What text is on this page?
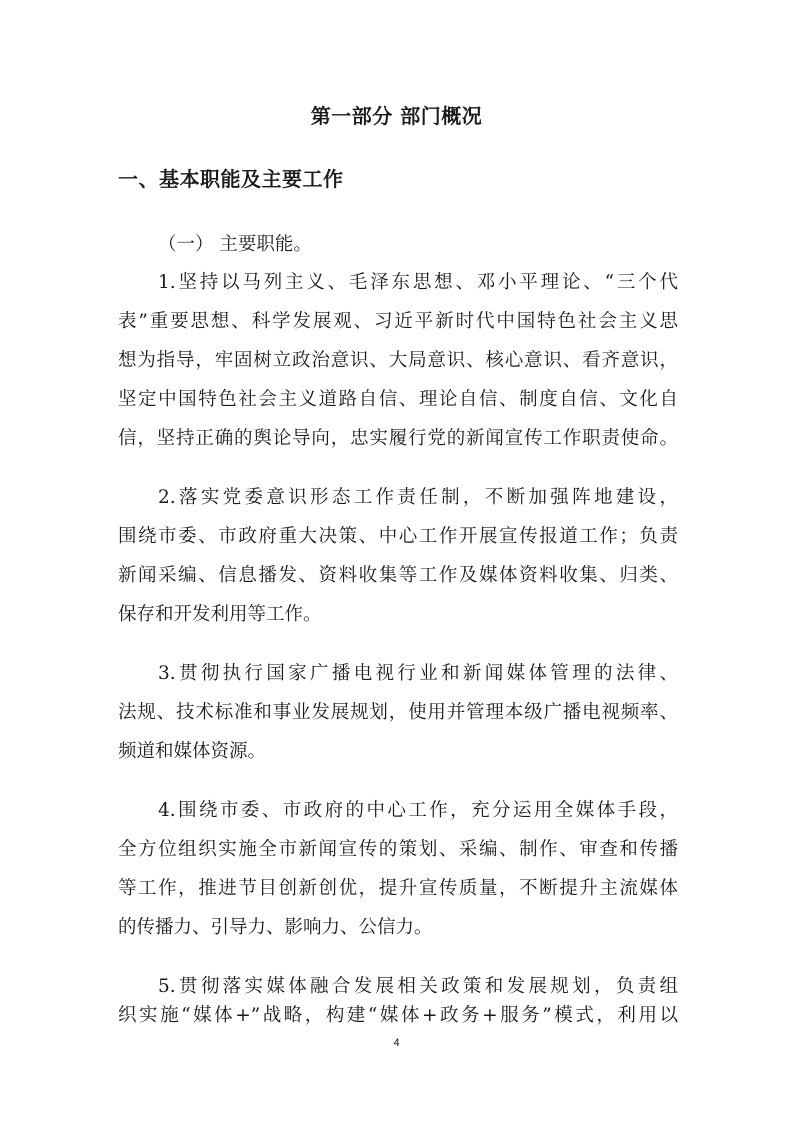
第一部分 部门概况
一、基本职能及主要工作
（一） 主要职能。
1.坚持以马列主义、毛泽东思想、邓小平理论、“三个代
表”重要思想、科学发展观、习近平新时代中国特色社会主义思
想为指导，牢固树立政治意识、大局意识、核心意识、看齐意识，
坚定中国特色社会主义道路自信、理论自信、制度自信、文化自
信，坚持正确的舆论导向，忠实履行党的新闻宣传工作职责使命。
2.落实党委意识形态工作责任制，不断加强阵地建设，
围绕市委、市政府重大决策、中心工作开展宣传报道工作；负责
新闻采编、信息播发、资料收集等工作及媒体资料收集、归类、
保存和开发利用等工作。
3.贯彻执行国家广播电视行业和新闻媒体管理的法律、
法规、技术标准和事业发展规划，使用并管理本级广播电视频率、
频道和媒体资源。
4.围绕市委、市政府的中心工作，充分运用全媒体手段，
全方位组织实施全市新闻宣传的策划、采编、制作、审查和传播
等工作，推进节目创新创优，提升宣传质量，不断提升主流媒体
的传播力、引导力、影响力、公信力。
5.贯彻落实媒体融合发展相关政策和发展规划，负责组
织实施“媒体+”战略，构建“媒体+政务+服务”模式，利用以
4
